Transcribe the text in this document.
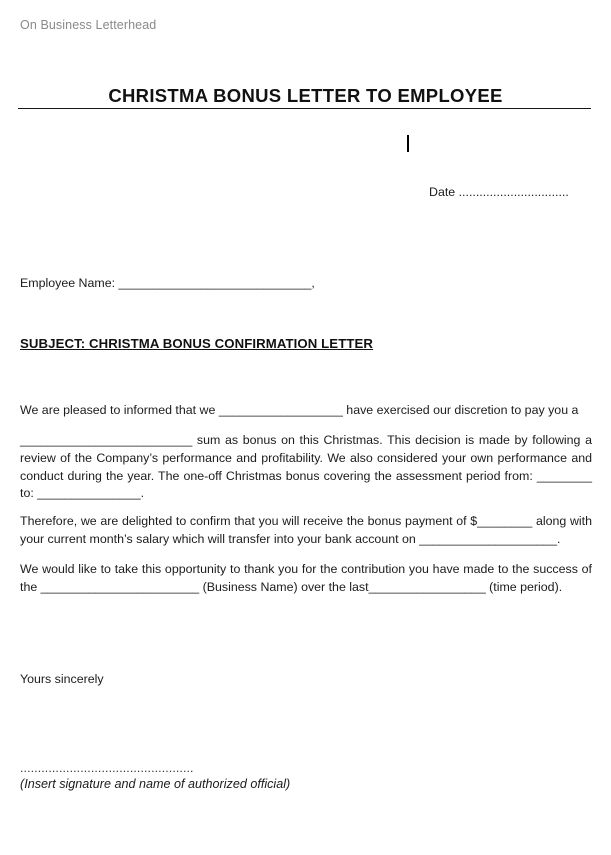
On Business Letterhead
CHRISTMA BONUS LETTER TO EMPLOYEE
Date ................................
Employee Name: ____________________________,
SUBJECT: CHRISTMA BONUS CONFIRMATION LETTER

We are pleased to informed that we __________________ have exercised our discretion to pay you a

_________________________ sum as bonus on this Christmas. This decision is made by following a review of the Company’s performance and profitability. We also considered your own performance and conduct during the year. The one-off Christmas bonus covering the assessment period from: ________ to: _______________.

Therefore, we are delighted to confirm that you will receive the bonus payment of $________ along with your current month’s salary which will transfer into your bank account on ____________________.

We would like to take this opportunity to thank you for the contribution you have made to the success of the _______________________ (Business Name) over the last_________________ (time period).

Yours sincerely
.................................................
(Insert signature and name of authorized official)
